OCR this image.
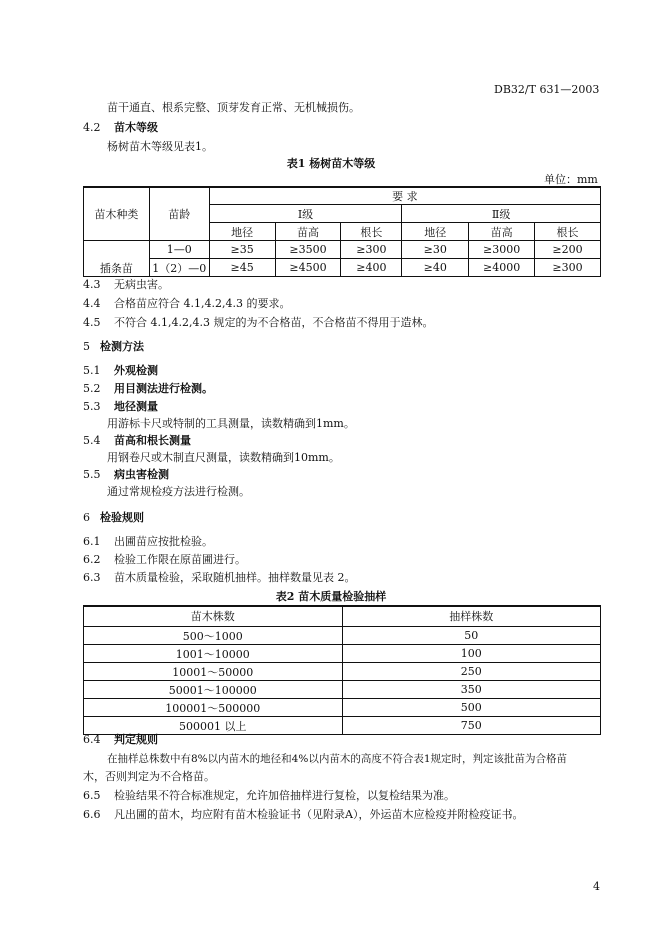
DB32/T 631—2003
苗干通直、根系完整、顶芽发育正常、无机械损伤。
4.2 苗木等级
杨树苗木等级见表1。
表1 杨树苗木等级
单位：mm
苗木种类	苗龄	要 求					
		Ⅰ级			Ⅱ级		
		地径	苗高	根长	地径	苗高	根长
插条苗	1—0	≥35	≥3500	≥300	≥30	≥3000	≥200
	1（2）—0	≥45	≥4500	≥400	≥40	≥4000	≥300
4.3 无病虫害。
4.4 合格苗应符合 4.1,4.2,4.3 的要求。
4.5 不符合 4.1,4.2,4.3 规定的为不合格苗，不合格苗不得用于造林。
5 检测方法
5.1 外观检测
5.2 用目测法进行检测。
5.3 地径测量
用游标卡尺或特制的工具测量，读数精确到1mm。
5.4 苗高和根长测量
用钢卷尺或木制直尺测量，读数精确到10mm。
5.5 病虫害检测
通过常规检疫方法进行检测。
6 检验规则
6.1 出圃苗应按批检验。
6.2 检验工作限在原苗圃进行。
6.3 苗木质量检验，采取随机抽样。抽样数量见表 2。
表2 苗木质量检验抽样
苗木株数	抽样株数
500～1000	50
1001～10000	100
10001～50000	250
50001～100000	350
100001～500000	500
500001 以上	750
6.4 判定规则
在抽样总株数中有8%以内苗木的地径和4%以内苗木的高度不符合表1规定时，判定该批苗为合格苗
木，否则判定为不合格苗。
6.5 检验结果不符合标准规定，允许加倍抽样进行复检，以复检结果为准。
6.6 凡出圃的苗木，均应附有苗木检验证书（见附录A），外运苗木应检疫并附检疫证书。
4
